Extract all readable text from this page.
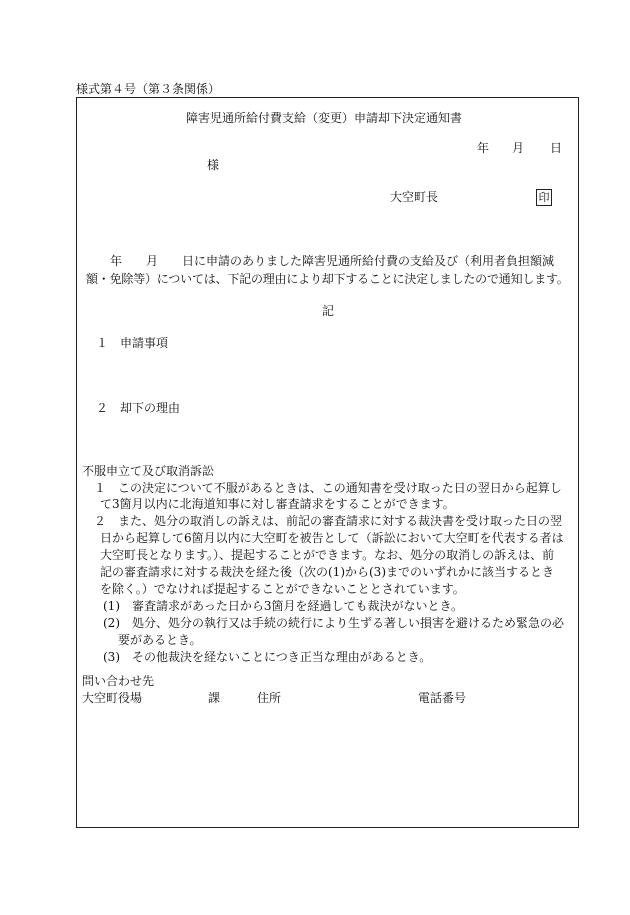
様式第４号（第３条関係）
障害児通所給付費支給（変更）申請却下決定通知書
年 月 日
様
大空町長	印
　　年　　月　　日に申請のありました障害児通所給付費の支給及び（利用者負担額減
額・免除等）については、下記の理由により却下することに決定しましたので通知します。
記
１　申請事項
２　却下の理由
不服申立て及び取消訴訟
１　この決定について不服があるときは、この通知書を受け取った日の翌日から起算し
て3箇月以内に北海道知事に対し審査請求をすることができます。
２　また、処分の取消しの訴えは、前記の審査請求に対する裁決書を受け取った日の翌
日から起算して6箇月以内に大空町を被告として（訴訟において大空町を代表する者は
大空町長となります。）、提起することができます。なお、処分の取消しの訴えは、前
記の審査請求に対する裁決を経た後（次の(1)から(3)までのいずれかに該当するとき
を除く。）でなければ提起することができないこととされています。
(1)　審査請求があった日から3箇月を経過しても裁決がないとき。
(2)　処分、処分の執行又は手続の続行により生ずる著しい損害を避けるため緊急の必
要があるとき。
(3)　その他裁決を経ないことにつき正当な理由があるとき。
問い合わせ先
大空町役場	課	住所	電話番号
